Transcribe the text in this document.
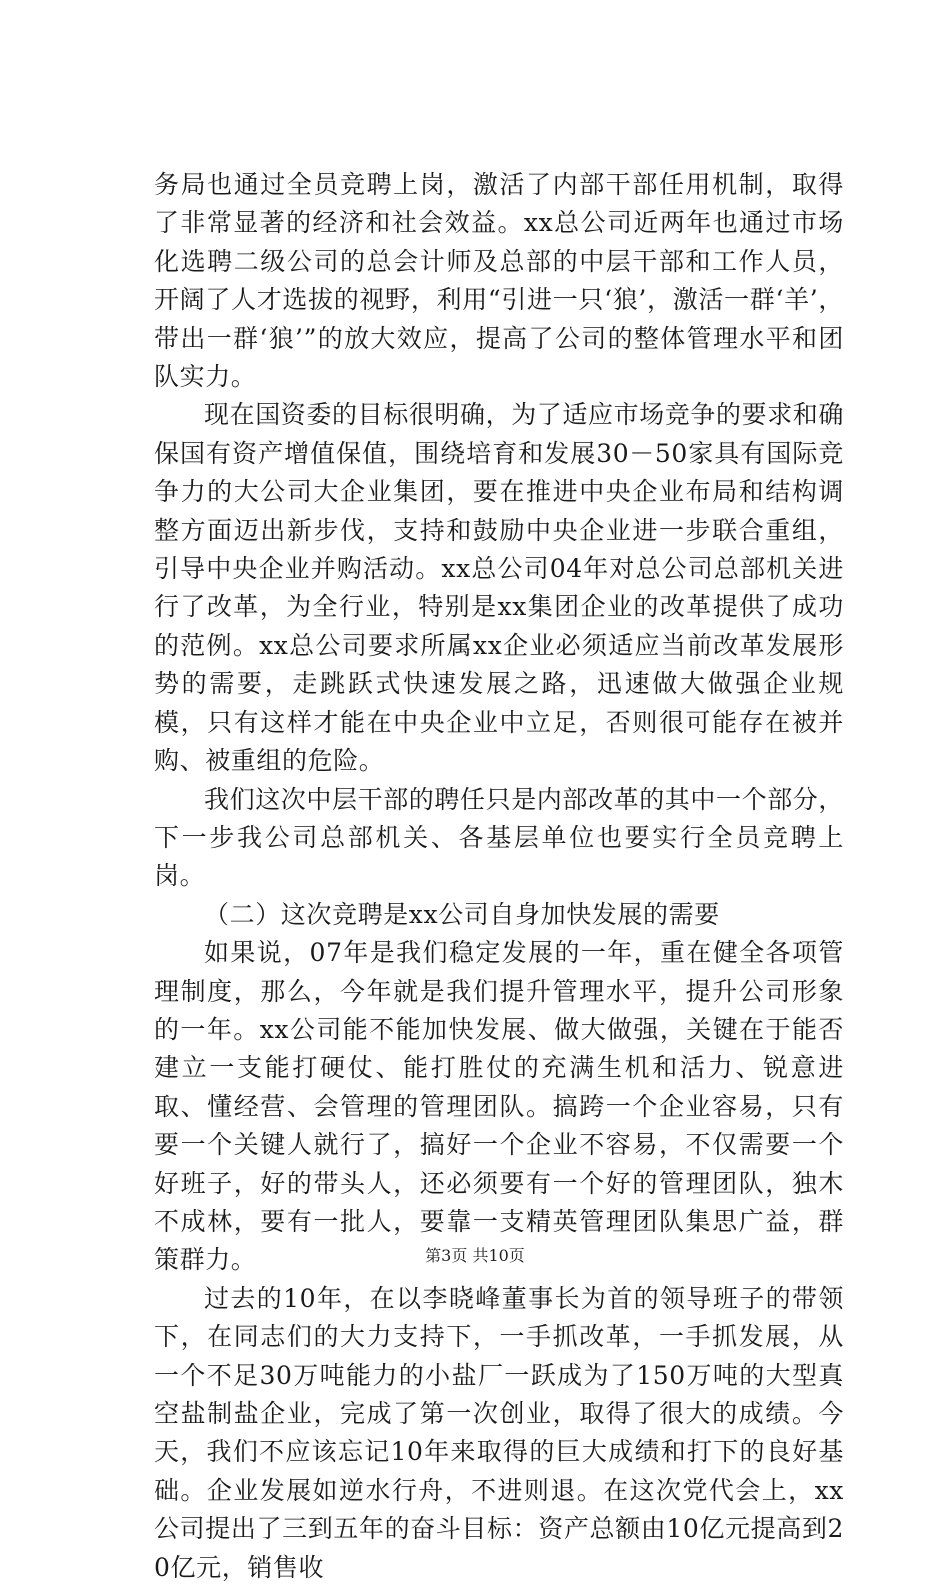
务局也通过全员竞聘上岗，激活了内部干部任用机制，取得了非常显著的经济和社会效益。xx总公司近两年也通过市场化选聘二级公司的总会计师及总部的中层干部和工作人员，开阔了人才选拔的视野，利用“引进一只‘狼’，激活一群‘羊’，带出一群‘狼’”的放大效应，提高了公司的整体管理水平和团队实力。

现在国资委的目标很明确，为了适应市场竞争的要求和确保国有资产增值保值，围绕培育和发展30－50家具有国际竞争力的大公司大企业集团，要在推进中央企业布局和结构调整方面迈出新步伐，支持和鼓励中央企业进一步联合重组，引导中央企业并购活动。xx总公司04年对总公司总部机关进行了改革，为全行业，特别是xx集团企业的改革提供了成功的范例。xx总公司要求所属xx企业必须适应当前改革发展形势的需要，走跳跃式快速发展之路，迅速做大做强企业规模，只有这样才能在中央企业中立足，否则很可能存在被并购、被重组的危险。

我们这次中层干部的聘任只是内部改革的其中一个部分，下一步我公司总部机关、各基层单位也要实行全员竞聘上岗。

（二）这次竞聘是xx公司自身加快发展的需要

如果说，07年是我们稳定发展的一年，重在健全各项管理制度，那么，今年就是我们提升管理水平，提升公司形象的一年。xx公司能不能加快发展、做大做强，关键在于能否建立一支能打硬仗、能打胜仗的充满生机和活力、锐意进取、懂经营、会管理的管理团队。搞跨一个企业容易，只有要一个关键人就行了，搞好一个企业不容易，不仅需要一个好班子，好的带头人，还必须要有一个好的管理团队，独木不成林，要有一批人，要靠一支精英管理团队集思广益，群策群力。

过去的10年，在以李晓峰董事长为首的领导班子的带领下，在同志们的大力支持下，一手抓改革，一手抓发展，从一个不足30万吨能力的小盐厂一跃成为了150万吨的大型真空盐制盐企业，完成了第一次创业，取得了很大的成绩。今天，我们不应该忘记10年来取得的巨大成绩和打下的良好基础。企业发展如逆水行舟，不进则退。在这次党代会上，xx公司提出了三到五年的奋斗目标：资产总额由10亿元提高到20亿元，销售收

第3页 共10页
